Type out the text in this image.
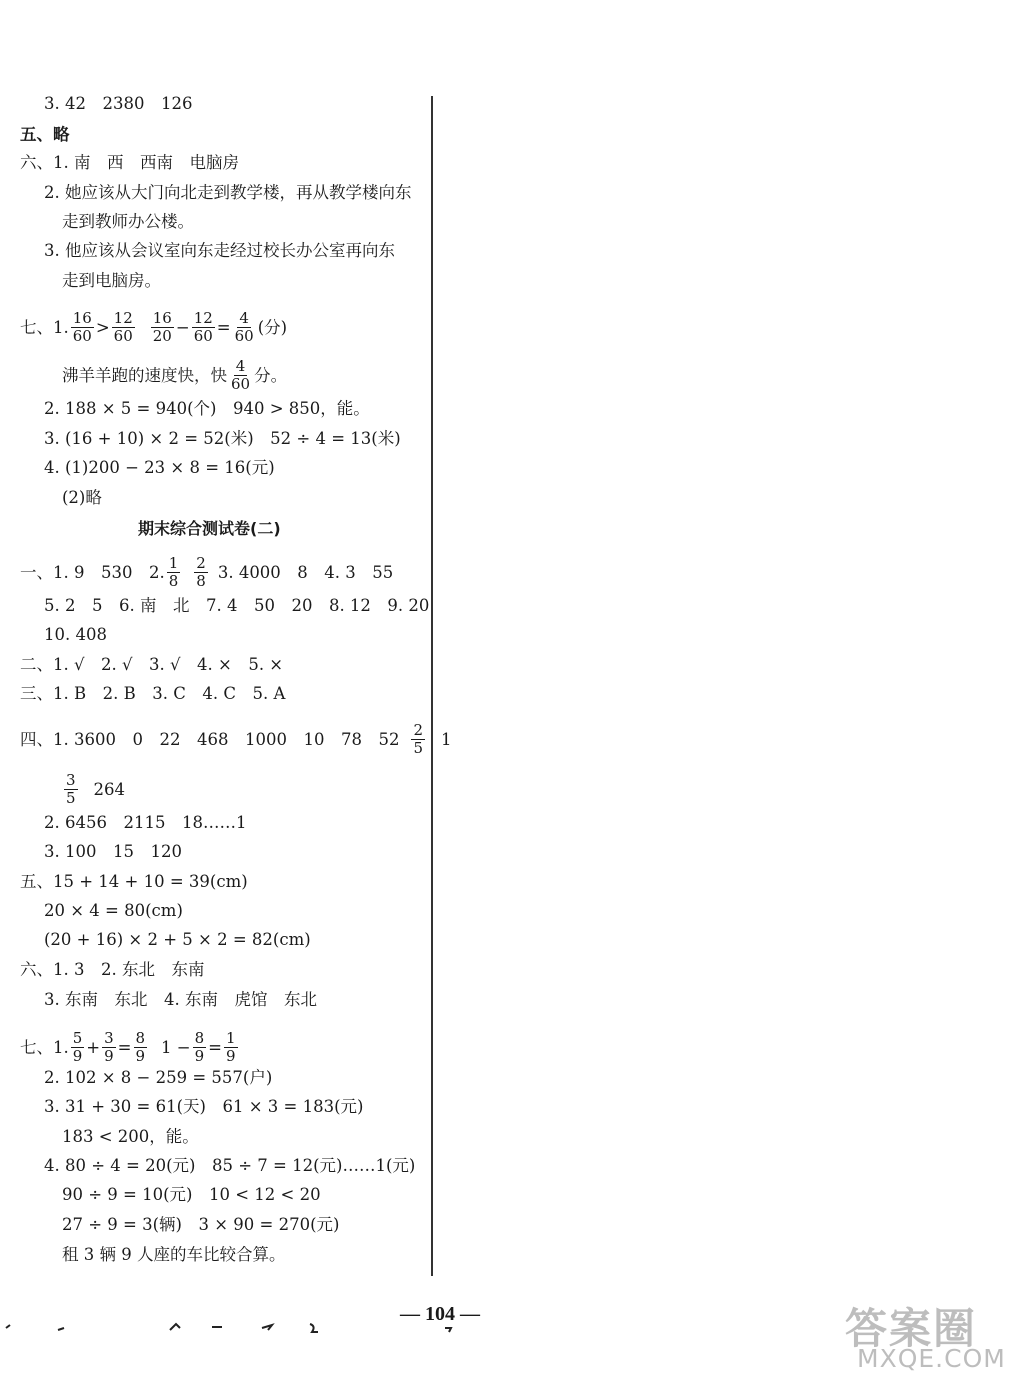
3. 42　2380　126
五、略
六、1. 南　西　西南　电脑房
2. 她应该从大门向北走到教学楼，再从教学楼向东
走到教师办公楼。
3. 他应该从会议室向东走经过校长办公室再向东
走到电脑房。
七、1. $\frac{16}{60} > \frac{12}{60} \frac{16}{20} - \frac{12}{60} = \frac{4}{60}$ (分)
沸羊羊跑的速度快，快 $\frac{4}{60}$ 分。
2. 188 × 5 = 940(个)　940 > 850，能。
3. (16 + 10) × 2 = 52(米)　52 ÷ 4 = 13(米)
4. (1)200 − 23 × 8 = 16(元)
(2)略
期末综合测试卷(二)
一、1. 9　530　2. $\frac{1}{8} \frac{2}{8} 3$. 4000　8　4. 3　55
5. 2　5　6. 南　北　7. 4　50　20　8. 12　9. 20
10. 408
二、1. √　2. √　3. √　4. ×　5. ×
三、1. B　2. B　3. C　4. C　5. A
四、1. 3600　0　22　468　1000　10　78　$52 \frac{2}{5} 1$
$\frac{3}{5} 264$
2. 6456　2115　18……1
3. 100　15　120
五、15 + 14 + 10 = 39(cm)
20 × 4 = 80(cm)
(20 + 16) × 2 + 5 × 2 = 82(cm)
六、1. 3　2. 东北　东南
3. 东南　东北　4. 东南　虎馆　东北
七、1. $\frac{5}{9} + \frac{3}{9} = \frac{8}{9} 1 - \frac{8}{9} = \frac{1}{9}$
2. 102 × 8 − 259 = 557(户)
3. 31 + 30 = 61(天)　61 × 3 = 183(元)
183 < 200，能。
4. 80 ÷ 4 = 20(元)　85 ÷ 7 = 12(元)……1(元)
90 ÷ 9 = 10(元)　10 < 12 < 20
27 ÷ 9 = 3(辆)　3 × 90 = 270(元)
租 3 辆 9 人座的车比较合算。
— 104 —	答案圈
MXQE.COM
